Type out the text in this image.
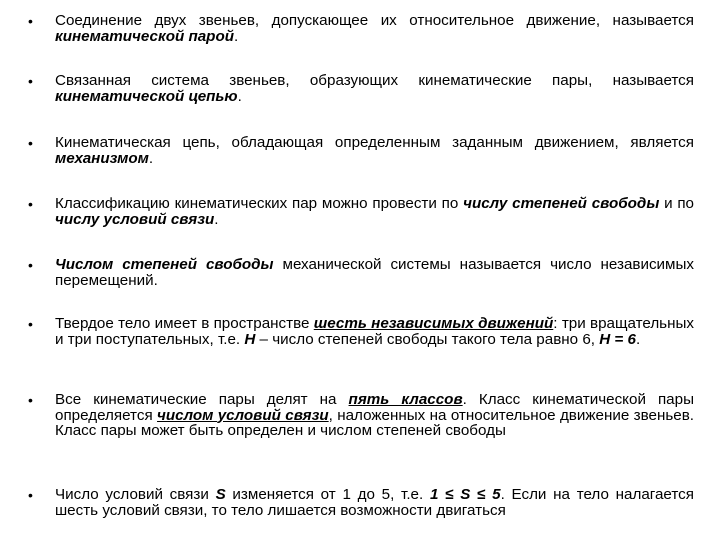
• Соединение двух звеньев, допускающее их относительное движение, называется кинематической парой.
• Связанная система звеньев, образующих кинематические пары, называется кинематической цепью.
• Кинематическая цепь, обладающая определенным заданным движением, является механизмом.
• Классификацию кинематических пар можно провести по числу степеней свободы и по числу условий связи.
• Числом степеней свободы механической системы называется число независимых перемещений.
• Твердое тело имеет в пространстве шесть независимых движений: три вращательных и три поступательных, т.е. Н – число степеней свободы такого тела равно 6, Н = 6.
• Все кинематические пары делят на пять классов. Класс кинематической пары определяется числом условий связи, наложенных на относительное движение звеньев. Класс пары может быть определен и числом степеней свободы
• Число условий связи S изменяется от 1 до 5, т.е. 1 ≤ S ≤ 5. Если на тело налагается шесть условий связи, то тело лишается возможности двигаться
